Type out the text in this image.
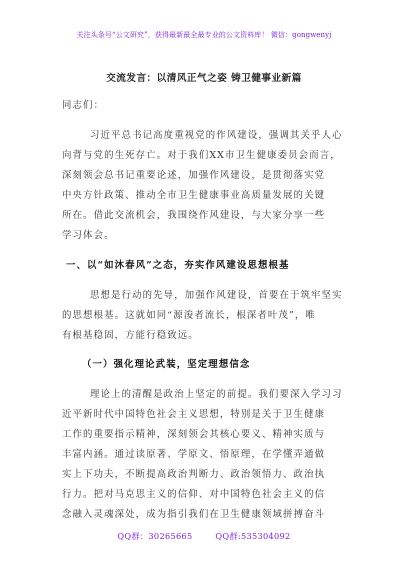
关注头条号“公文研究”，获得最新最全最专业的公文资料库！ 微信：gongwenyj
交流发言：以清风正气之姿 铸卫健事业新篇
同志们：
习近平总书记高度重视党的作风建设，强调其关乎人心
向背与党的生死存亡。对于我们XX市卫生健康委员会而言，
深刻领会总书记重要论述，加强作风建设，是贯彻落实党
中央方针政策、推动全市卫生健康事业高质量发展的关键
所在。借此交流机会，我围绕作风建设，与大家分享一些
学习体会。
一、以“如沐春风”之态，夯实作风建设思想根基
思想是行动的先导，加强作风建设，首要在于筑牢坚实
的思想根基。这就如同“源浚者流长，根深者叶茂”，唯
有根基稳固，方能行稳致远。
（一）强化理论武装，坚定理想信念
理论上的清醒是政治上坚定的前提。我们要深入学习习
近平新时代中国特色社会主义思想，特别是关于卫生健康
工作的重要指示精神，深刻领会其核心要义、精神实质与
丰富内涵。通过读原著、学原文、悟原理，在学懂弄通做
实上下功夫，不断提高政治判断力、政治领悟力、政治执
行力。把对马克思主义的信仰、对中国特色社会主义的信
念融入灵魂深处，成为指引我们在卫生健康领域拼搏奋斗
QQ群：30265665	QQ群:535304092
